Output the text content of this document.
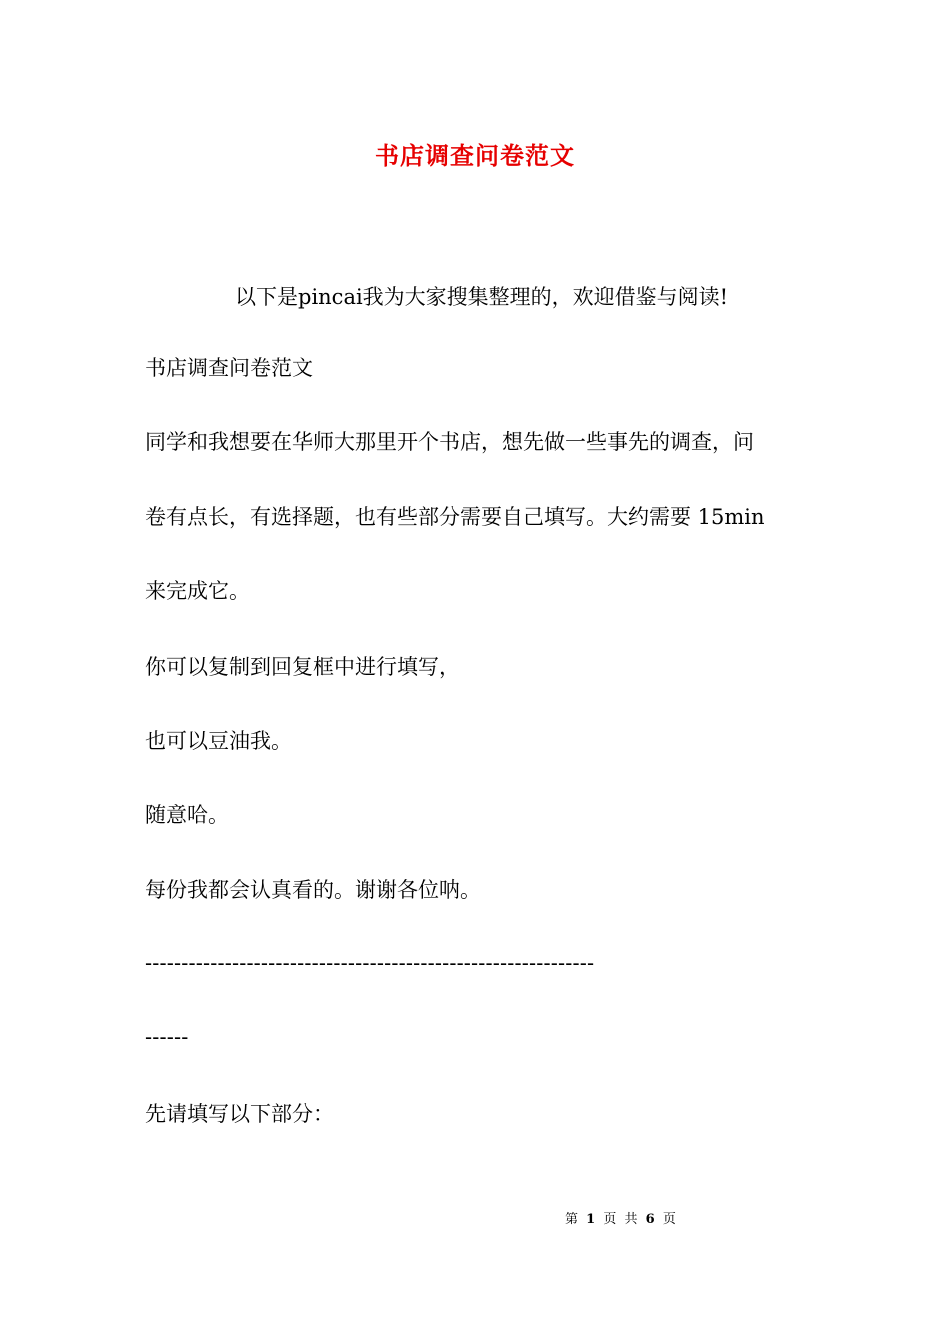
书店调查问卷范文
以下是pincai我为大家搜集整理的，欢迎借鉴与阅读!
书店调查问卷范文
同学和我想要在华师大那里开个书店，想先做一些事先的调查，问
卷有点长，有选择题，也有些部分需要自己填写。大约需要 15min
来完成它。
你可以复制到回复框中进行填写，
也可以豆油我。
随意哈。
每份我都会认真看的。谢谢各位呐。
--------------------------------------------------------------
------
先请填写以下部分：
第 1 页 共 6 页
